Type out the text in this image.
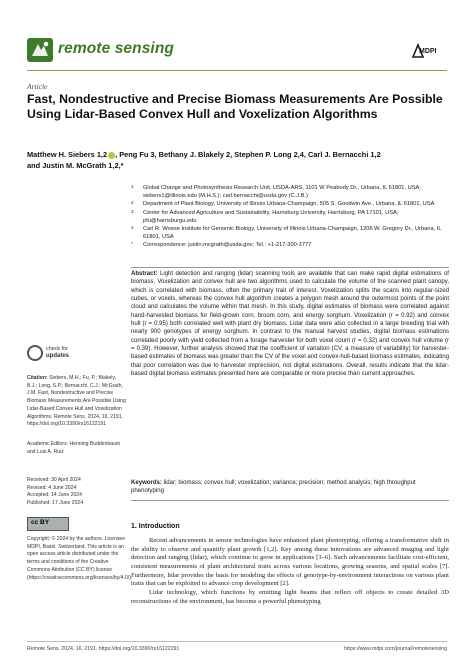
remote sensing	MDPI
Article
Fast, Nondestructive and Precise Biomass Measurements Are Possible Using Lidar-Based Convex Hull and Voxelization Algorithms
Matthew H. Siebers 1,2 , Peng Fu 3, Bethany J. Blakely 2, Stephen P. Long 2,4, Carl J. Bernacchi 1,2
and Justin M. McGrath 1,2,*
1 Global Change and Photosynthesis Research Unit, USDA-ARS, 1101 W Peabody Dr., Urbana, IL 61801, USA; siebers1@illinois.edu (M.H.S.); carl.bernacchi@usda.gov (C.J.B.)
2 Department of Plant Biology, University of Illinois Urbana-Champaign, 505 S. Goodwin Ave., Urbana, IL 61801, USA
3 Center for Advanced Agriculture and Sustainability, Harrisburg University, Harrisburg, PA 17101, USA; pfu@harrisburgu.edu
4 Carl R. Woese Institute for Genomic Biology, University of Illinois Urbana-Champaign, 1206 W. Gregory Dr., Urbana, IL 61801, USA
* Correspondence: justin.mcgrath@usda.gov; Tel.: +1-217-300-3777
Abstract: Light detection and ranging (lidar) scanning tools are available that can make rapid digital estimations of biomass. Voxelization and convex hull are two algorithms used to calculate the volume of the scanned plant canopy, which is correlated with biomass, often the primary trait of interest. Voxelization splits the scans into regular-sized cubes, or voxels, whereas the convex hull algorithm creates a polygon mesh around the outermost points of the point cloud and calculates the volume within that mesh. In this study, digital estimates of biomass were correlated against hand-harvested biomass for field-grown corn, broom corn, and energy sorghum. Voxelization (r = 0.92) and convex hull (r = 0.95) both correlated well with plant dry biomass. Lidar data were also collected in a large breeding trial with nearly 900 genotypes of energy sorghum. In contrast to the manual harvest studies, digital biomass estimations correlated poorly with yield collected from a forage harvester for both voxel count (r = 0.32) and convex hull volume (r = 0.39). However, further analysis showed that the coefficient of variation (CV, a measure of variability) for harvester-based estimates of biomass was greater than the CV of the voxel and convex-hull-based biomass estimates, indicating that poor correlation was due to harvester imprecision, not digital estimations. Overall, results indicate that the lidar-based digital biomass estimates presented here are comparable or more precise than current approaches.
Keywords: lidar; biomass; convex hull; voxelization; variance; precision; method analysis; high throughput phenotyping
check for
updates
Citation: Siebers, M.H.; Fu, P.; Blakely, B.J.; Long, S.P.; Bernacchi, C.J.; McGrath, J.M. Fast, Nondestructive and Precise Biomass Measurements Are Possible Using Lidar-Based Convex Hull and Voxelization Algorithms. Remote Sens. 2024, 16, 2191. https://doi.org/10.3390/rs16122191
Academic Editors: Henning Buddenbaum and Luis A. Ruiz
Received: 30 April 2024
Revised: 4 June 2024
Accepted: 14 June 2024
Published: 17 June 2024
cc BY
Copyright: © 2024 by the authors. Licensee MDPI, Basel, Switzerland. This article is an open access article distributed under the terms and conditions of the Creative Commons Attribution (CC BY) license (https://creativecommons.org/licenses/by/4.0/).
1. Introduction
Recent advancements in sensor technologies have enhanced plant phenotyping, offering a transformative shift in the ability to observe and quantify plant growth [1,2]. Key among these innovations are advanced imaging and light detection and ranging (lidar), which continue to grow in applications [3–6]. Such advancements facilitate cost-efficient, consistent measurements of plant architectural traits across various locations, growing seasons, and spatial scales [7]. Furthermore, lidar provides the basis for modeling the effects of genotype-by-environment interactions on various plant traits that can be exploited to advance crop development [2].
Lidar technology, which functions by emitting light beams that reflect off objects to create detailed 3D reconstructions of the environment, has become a powerful phenotyping
Remote Sens. 2024, 16, 2191. https://doi.org/10.3390/rs16122191	https://www.mdpi.com/journal/remotesensing
